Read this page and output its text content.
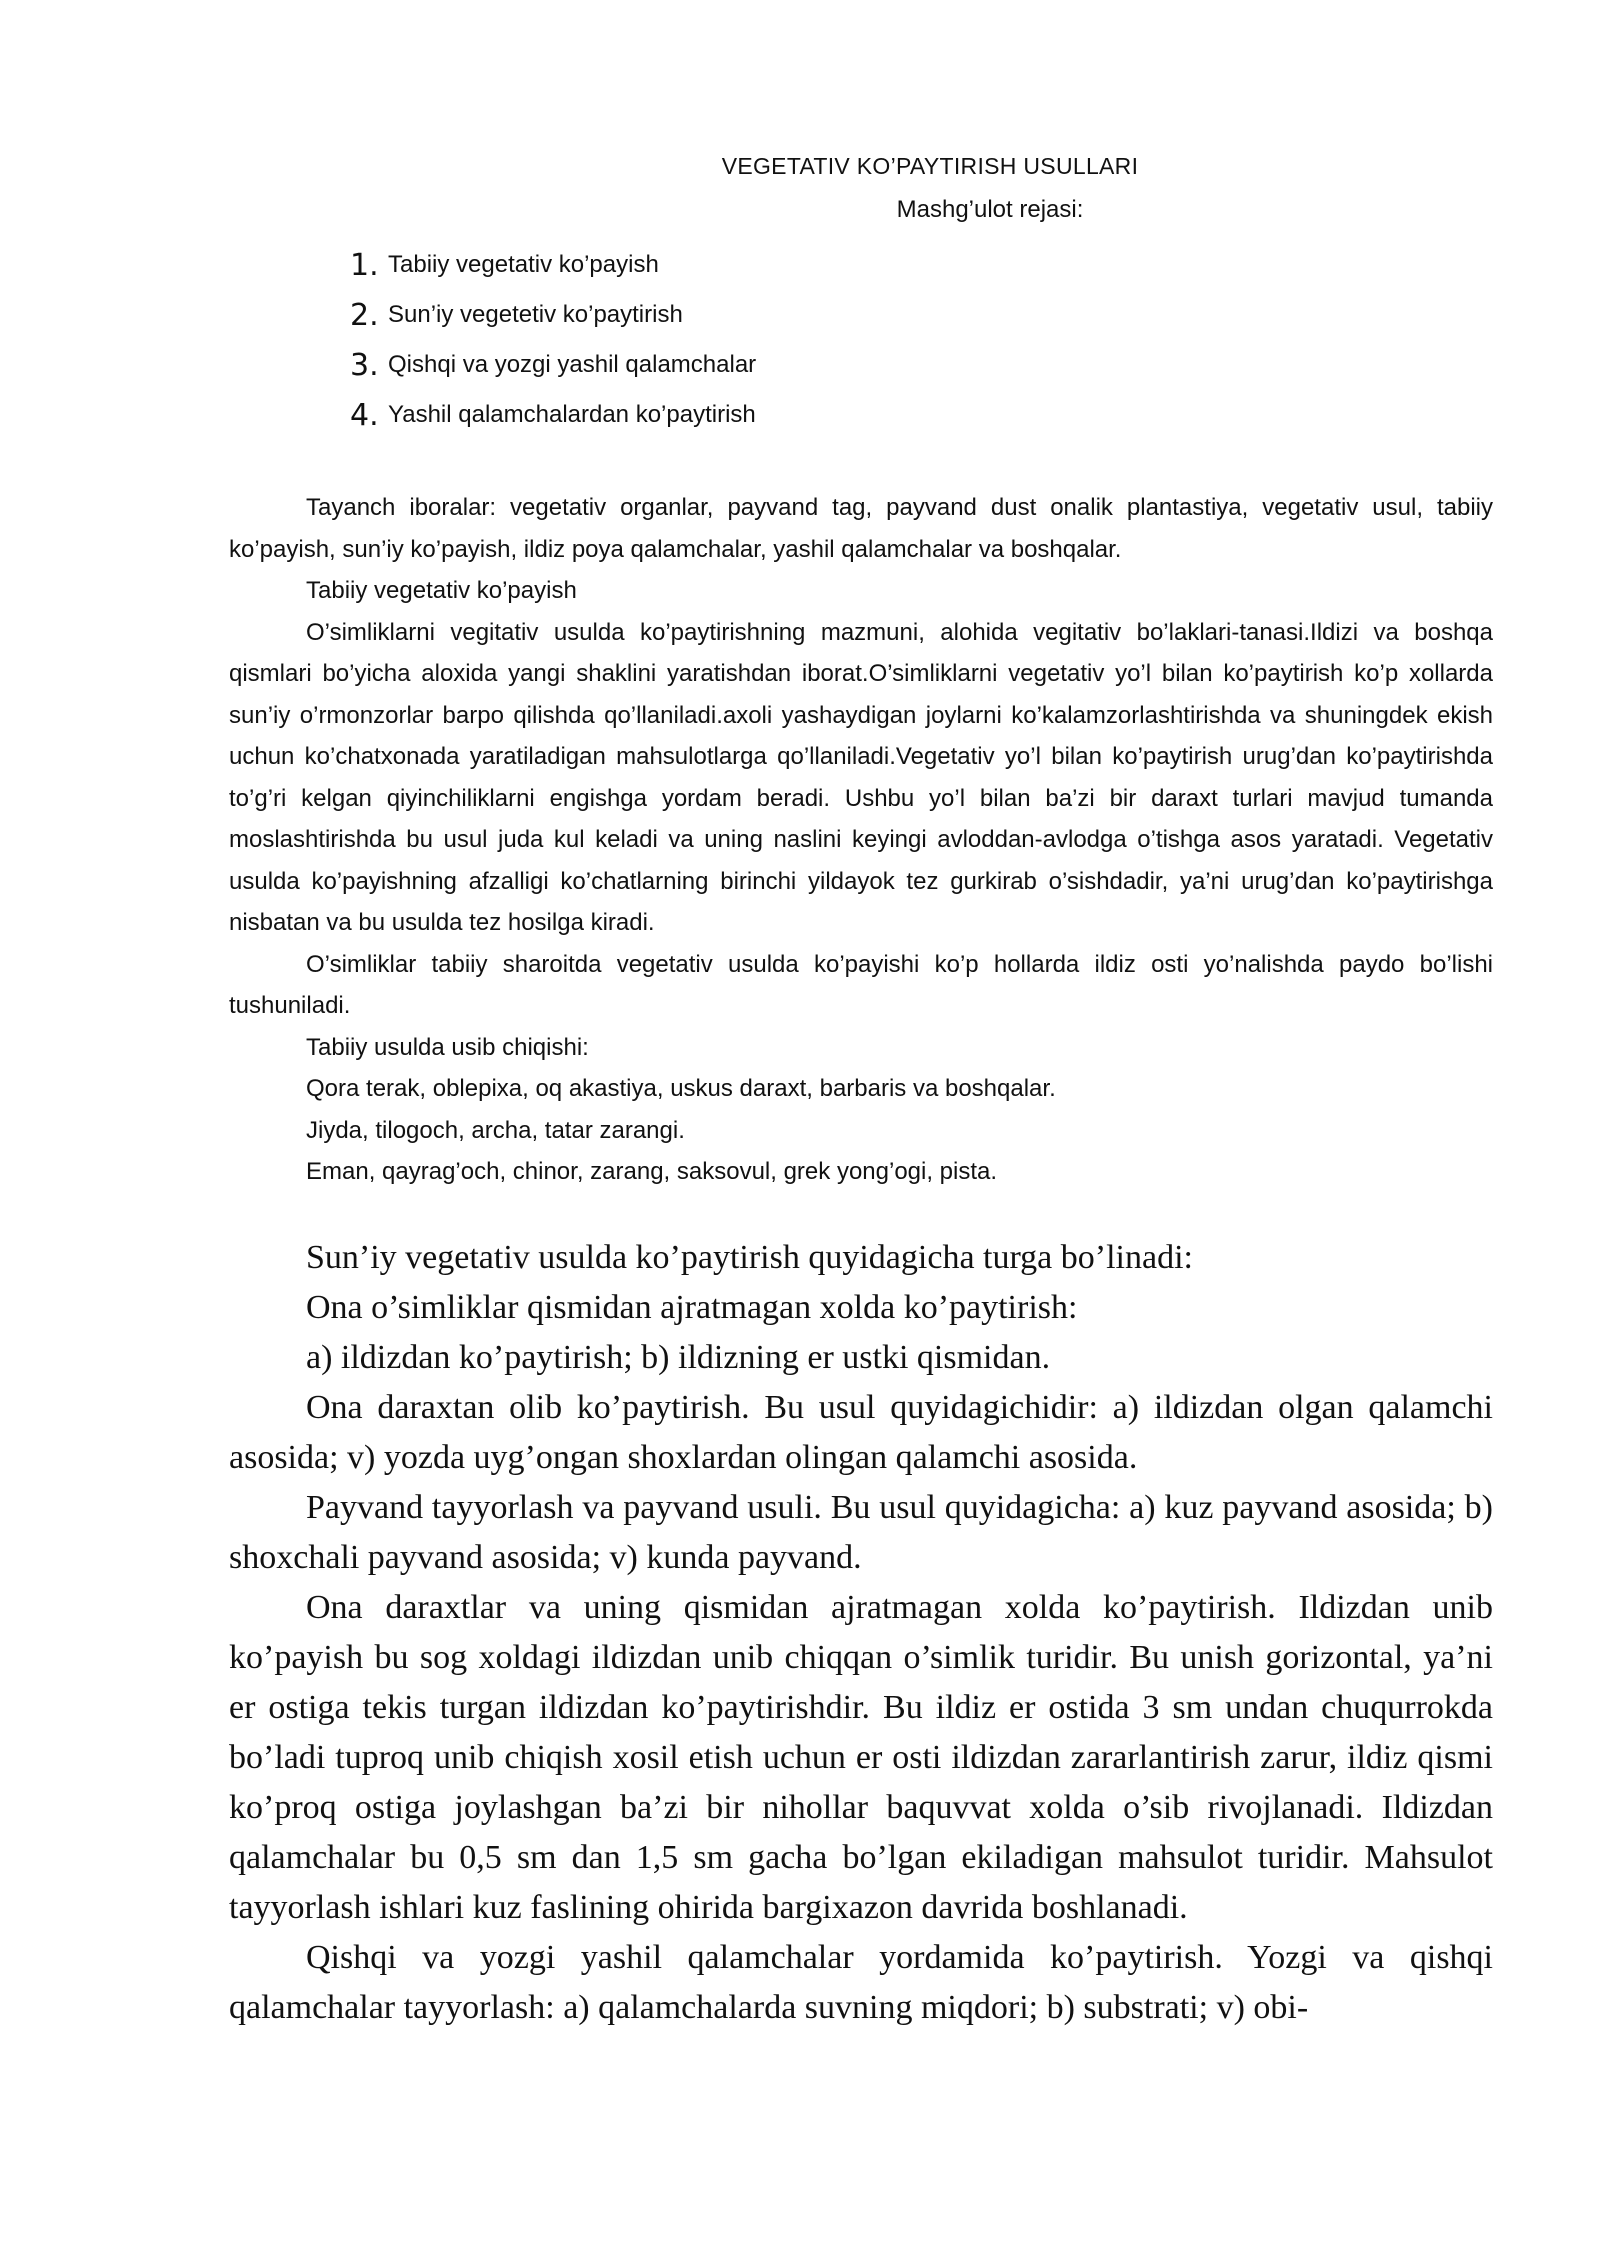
VEGETATIV KO’PAYTIRISH USULLARI
Mashg’ulot rejasi:
1. Tabiiy vegetativ ko’payish
2. Sun’iy vegetetiv ko’paytirish
3. Qishqi va yozgi yashil qalamchalar
4. Yashil qalamchalardan ko’paytirish

Tayanch iboralar: vegetativ organlar, payvand tag, payvand dust onalik plantastiya, vegetativ usul, tabiiy ko’payish, sun’iy ko’payish, ildiz poya qalamchalar, yashil qalamchalar va boshqalar.

Tabiiy vegetativ ko’payish

O’simliklarni vegitativ usulda ko’paytirishning mazmuni, alohida vegitativ bo’laklari-tanasi.Ildizi va boshqa qismlari bo’yicha aloxida yangi shaklini yaratishdan iborat.O’simliklarni vegetativ yo’l bilan ko’paytirish ko’p xollarda sun’iy o’rmonzorlar barpo qilishda qo’llaniladi.axoli yashaydigan joylarni ko’kalamzorlashtirishda va shuningdek ekish uchun ko’chatxonada yaratiladigan mahsulotlarga qo’llaniladi.Vegetativ yo’l bilan ko’paytirish urug’dan ko’paytirishda to’g’ri kelgan qiyinchiliklarni engishga yordam beradi. Ushbu yo’l bilan ba’zi bir daraxt turlari mavjud tumanda moslashtirishda bu usul juda kul keladi va uning naslini keyingi avloddan-avlodga o’tishga asos yaratadi. Vegetativ usulda ko’payishning afzalligi ko’chatlarning birinchi yildayok tez gurkirab o’sishdadir, ya’ni urug’dan ko’paytirishga nisbatan va bu usulda tez hosilga kiradi.

O’simliklar tabiiy sharoitda vegetativ usulda ko’payishi ko’p hollarda ildiz osti yo’nalishda paydo bo’lishi tushuniladi.

Tabiiy usulda usib chiqishi:

Qora terak, oblepixa, oq akastiya, uskus daraxt, barbaris va boshqalar.

Jiyda, tilogoch, archa, tatar zarangi.

Eman, qayrag’och, chinor, zarang, saksovul, grek yong’ogi, pista.

Sun’iy vegetativ usulda ko’paytirish quyidagicha turga bo’linadi:

Ona o’simliklar qismidan ajratmagan xolda ko’paytirish:

a) ildizdan ko’paytirish; b) ildizning er ustki qismidan.

Ona daraxtan olib ko’paytirish. Bu usul quyidagichidir: a) ildizdan olgan qalamchi asosida; v) yozda uyg’ongan shoxlardan olingan qalamchi asosida.

Payvand tayyorlash va payvand usuli. Bu usul quyidagicha: a) kuz payvand asosida; b) shoxchali payvand asosida; v) kunda payvand.

Ona daraxtlar va uning qismidan ajratmagan xolda ko’paytirish. Ildizdan unib ko’payish bu sog xoldagi ildizdan unib chiqqan o’simlik turidir. Bu unish gorizontal, ya’ni er ostiga tekis turgan ildizdan ko’paytirishdir. Bu ildiz er ostida 3 sm undan chuqurrokda bo’ladi tuproq unib chiqish xosil etish uchun er osti ildizdan zararlantirish zarur, ildiz qismi ko’proq ostiga joylashgan ba’zi bir nihollar baquvvat xolda o’sib rivojlanadi. Ildizdan qalamchalar bu 0,5 sm dan 1,5 sm gacha bo’lgan ekiladigan mahsulot turidir. Mahsulot tayyorlash ishlari kuz faslining ohirida bargixazon davrida boshlanadi.

Qishqi va yozgi yashil qalamchalar yordamida ko’paytirish. Yozgi va qishqi qalamchalar tayyorlash: a) qalamchalarda suvning miqdori; b) substrati; v) obi-
